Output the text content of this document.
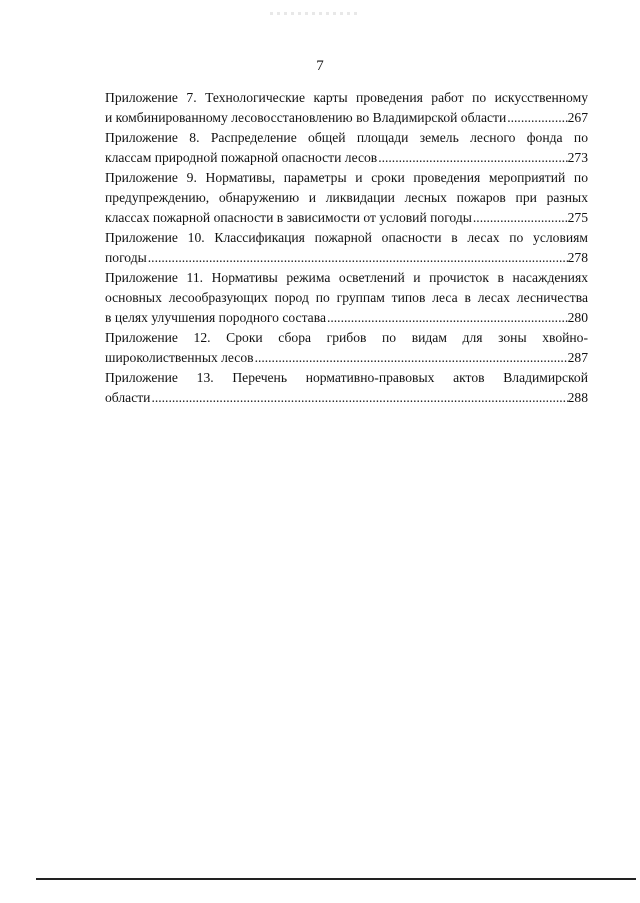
7
Приложение 7. Технологические карты проведения работ по искусственному
и комбинированному лесовосстановлению во Владимирской области .....	267
Приложение 8. Распределение общей площади земель лесного фонда по
классам природной пожарной опасности лесов .....	273
Приложение 9. Нормативы, параметры и сроки проведения мероприятий по
предупреждению, обнаружению и ликвидации лесных пожаров при разных
классах пожарной опасности в зависимости от условий погоды .....	275
Приложение 10. Классификация пожарной опасности в лесах по условиям
погоды .....	278
Приложение 11. Нормативы режима осветлений и прочисток в насаждениях
основных лесообразующих пород по группам типов леса в лесах лесничества
в целях улучшения породного состава .....	280
Приложение 12. Сроки сбора грибов по видам для зоны хвойно-
широколиственных лесов .....	287
Приложение 13. Перечень нормативно-правовых актов Владимирской
области .....	288
